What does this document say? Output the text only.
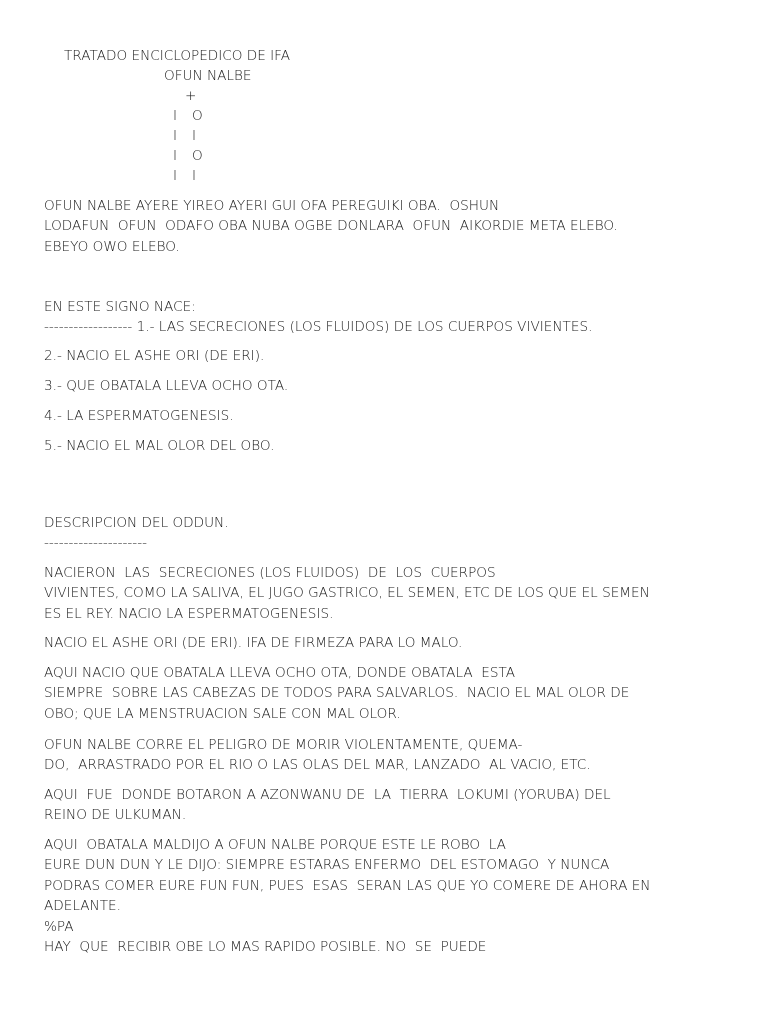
TRATADO ENCICLOPEDICO DE IFA
OFUN NALBE
+
I O
I I
I O
I I
OFUN NALBE AYERE YIREO AYERI GUI OFA PEREGUIKI OBA.  OSHUN
LODAFUN  OFUN  ODAFO OBA NUBA OGBE DONLARA  OFUN  AIKORDIE META ELEBO.
EBEYO OWO ELEBO.
EN ESTE SIGNO NACE:
------------------ 1.- LAS SECRECIONES (LOS FLUIDOS) DE LOS CUERPOS VIVIENTES.
2.- NACIO EL ASHE ORI (DE ERI).
3.- QUE OBATALA LLEVA OCHO OTA.
4.- LA ESPERMATOGENESIS.
5.- NACIO EL MAL OLOR DEL OBO.
DESCRIPCION DEL ODDUN.
---------------------
NACIERON  LAS  SECRECIONES (LOS FLUIDOS)  DE  LOS  CUERPOS
VIVIENTES, COMO LA SALIVA, EL JUGO GASTRICO, EL SEMEN, ETC DE LOS QUE EL SEMEN
ES EL REY. NACIO LA ESPERMATOGENESIS.
NACIO EL ASHE ORI (DE ERI). IFA DE FIRMEZA PARA LO MALO.
AQUI NACIO QUE OBATALA LLEVA OCHO OTA, DONDE OBATALA  ESTA
SIEMPRE  SOBRE LAS CABEZAS DE TODOS PARA SALVARLOS.  NACIO EL MAL OLOR DE
OBO; QUE LA MENSTRUACION SALE CON MAL OLOR.
OFUN NALBE CORRE EL PELIGRO DE MORIR VIOLENTAMENTE, QUEMA-
DO,  ARRASTRADO POR EL RIO O LAS OLAS DEL MAR, LANZADO  AL VACIO, ETC.
AQUI  FUE  DONDE BOTARON A AZONWANU DE  LA  TIERRA  LOKUMI (YORUBA) DEL
REINO DE ULKUMAN.
AQUI  OBATALA MALDIJO A OFUN NALBE PORQUE ESTE LE ROBO  LA
EURE DUN DUN Y LE DIJO: SIEMPRE ESTARAS ENFERMO  DEL ESTOMAGO  Y NUNCA
PODRAS COMER EURE FUN FUN, PUES  ESAS  SERAN LAS QUE YO COMERE DE AHORA EN
ADELANTE.
%PA
HAY  QUE  RECIBIR OBE LO MAS RAPIDO POSIBLE. NO  SE  PUEDE
